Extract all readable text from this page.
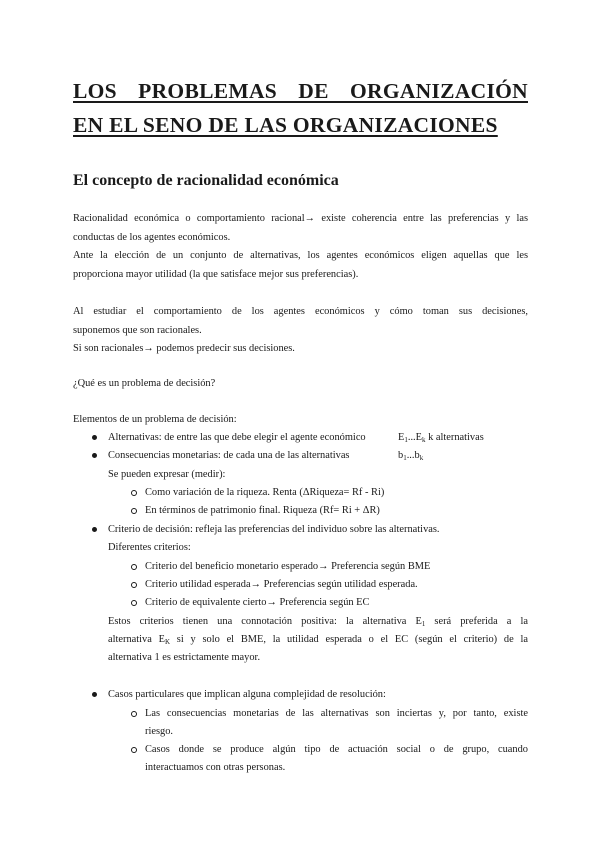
LOS PROBLEMAS DE ORGANIZACIÓN
EN EL SENO DE LAS ORGANIZACIONES
El concepto de racionalidad económica
Racionalidad económica o comportamiento racional→ existe coherencia entre las preferencias y las
conductas de los agentes económicos.
Ante la elección de un conjunto de alternativas, los agentes económicos eligen aquellas que les
proporciona mayor utilidad (la que satisface mejor sus preferencias).
Al estudiar el comportamiento de los agentes económicos y cómo toman sus decisiones,
suponemos que son racionales.
Si son racionales→ podemos predecir sus decisiones.
¿Qué es un problema de decisión?
Elementos de un problema de decisión:
Alternativas: de entre las que debe elegir el agente económico	$E_1...E_k$ k alternativas
Consecuencias monetarias: de cada una de las alternativas	$b_1...b_k$
Se pueden expresar (medir):
Como variación de la riqueza. Renta (ΔRiqueza= Rf - Ri)
En términos de patrimonio final. Riqueza (Rf= Ri + ΔR)
Criterio de decisión: refleja las preferencias del individuo sobre las alternativas.
Diferentes criterios:
Criterio del beneficio monetario esperado→ Preferencia según BME
Criterio utilidad esperada→ Preferencias según utilidad esperada.
Criterio de equivalente cierto→ Preferencia según EC
Estos criterios tienen una connotación positiva: la alternativa $E_1$ será preferida a la
alternativa $E_K$ si y solo el BME, la utilidad esperada o el EC (según el criterio) de la
alternativa 1 es estrictamente mayor.
Casos particulares que implican alguna complejidad de resolución:
Las consecuencias monetarias de las alternativas son inciertas y, por tanto, existe
riesgo.
Casos donde se produce algún tipo de actuación social o de grupo, cuando
interactuamos con otras personas.
